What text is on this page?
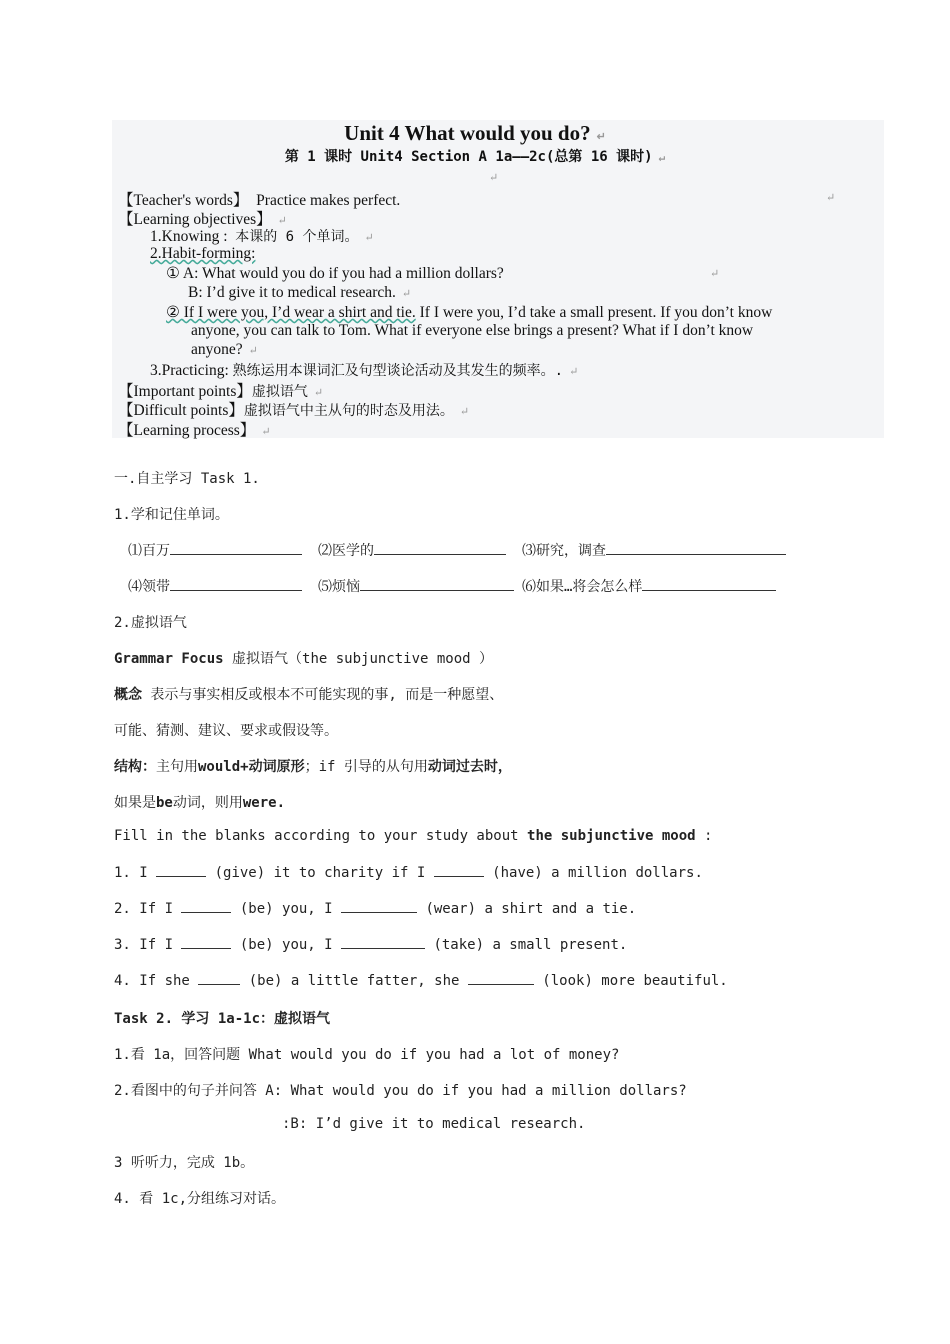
Unit 4 What would you do? ↵
第 1 课时 Unit4 Section A 1a——2c(总第 16 课时) ↵
↵
【Teacher's words】 Practice makes perfect.	↵
【Learning objectives】 ↵
1.Knowing : 本课的 6 个单词。 ↵
2.Habit-forming:
① A: What would you do if you had a million dollars?	↵
B: I’d give it to medical research. ↵
② If I were you, I’d wear a shirt and tie. If I were you, I’d take a small present. If you don’t know
anyone, you can talk to Tom. What if everyone else brings a present? What if I don’t know
anyone? ↵
3.Practicing: 熟练运用本课词汇及句型谈论活动及其发生的频率。. ↵
【Important points】虚拟语气 ↵
【Difficult points】虚拟语气中主从句的时态及用法。 ↵
【Learning process】 ↵
一.自主学习 Task 1.
1.学和记住单词。
⑴百万	⑵医学的	⑶研究，调查
⑷领带	⑸烦恼	⑹如果…将会怎么样
2.虚拟语气
Grammar Focus 虚拟语气（the subjunctive mood ）
概念 表示与事实相反或根本不可能实现的事, 而是一种愿望、
可能、猜测、建议、要求或假设等。
结构：主句用would+动词原形；if 引导的从句用动词过去时，
如果是be动词，则用were.
Fill in the blanks according to your study about the subjunctive mood :
1. I	(give) it to charity if I	(have) a million dollars.
2. If I	(be) you, I	(wear) a shirt and a tie.
3. If I	(be) you, I	(take) a small present.
4. If she	(be) a little fatter, she	(look) more beautiful.
Task 2. 学习 1a-1c：虚拟语气
1.看 1a，回答问题 What would you do if you had a lot of money?
2.看图中的句子并问答 A: What would you do if you had a million dollars?
:B: I’d give it to medical research.
3 听听力，完成 1b。
4. 看 1c,分组练习对话。
